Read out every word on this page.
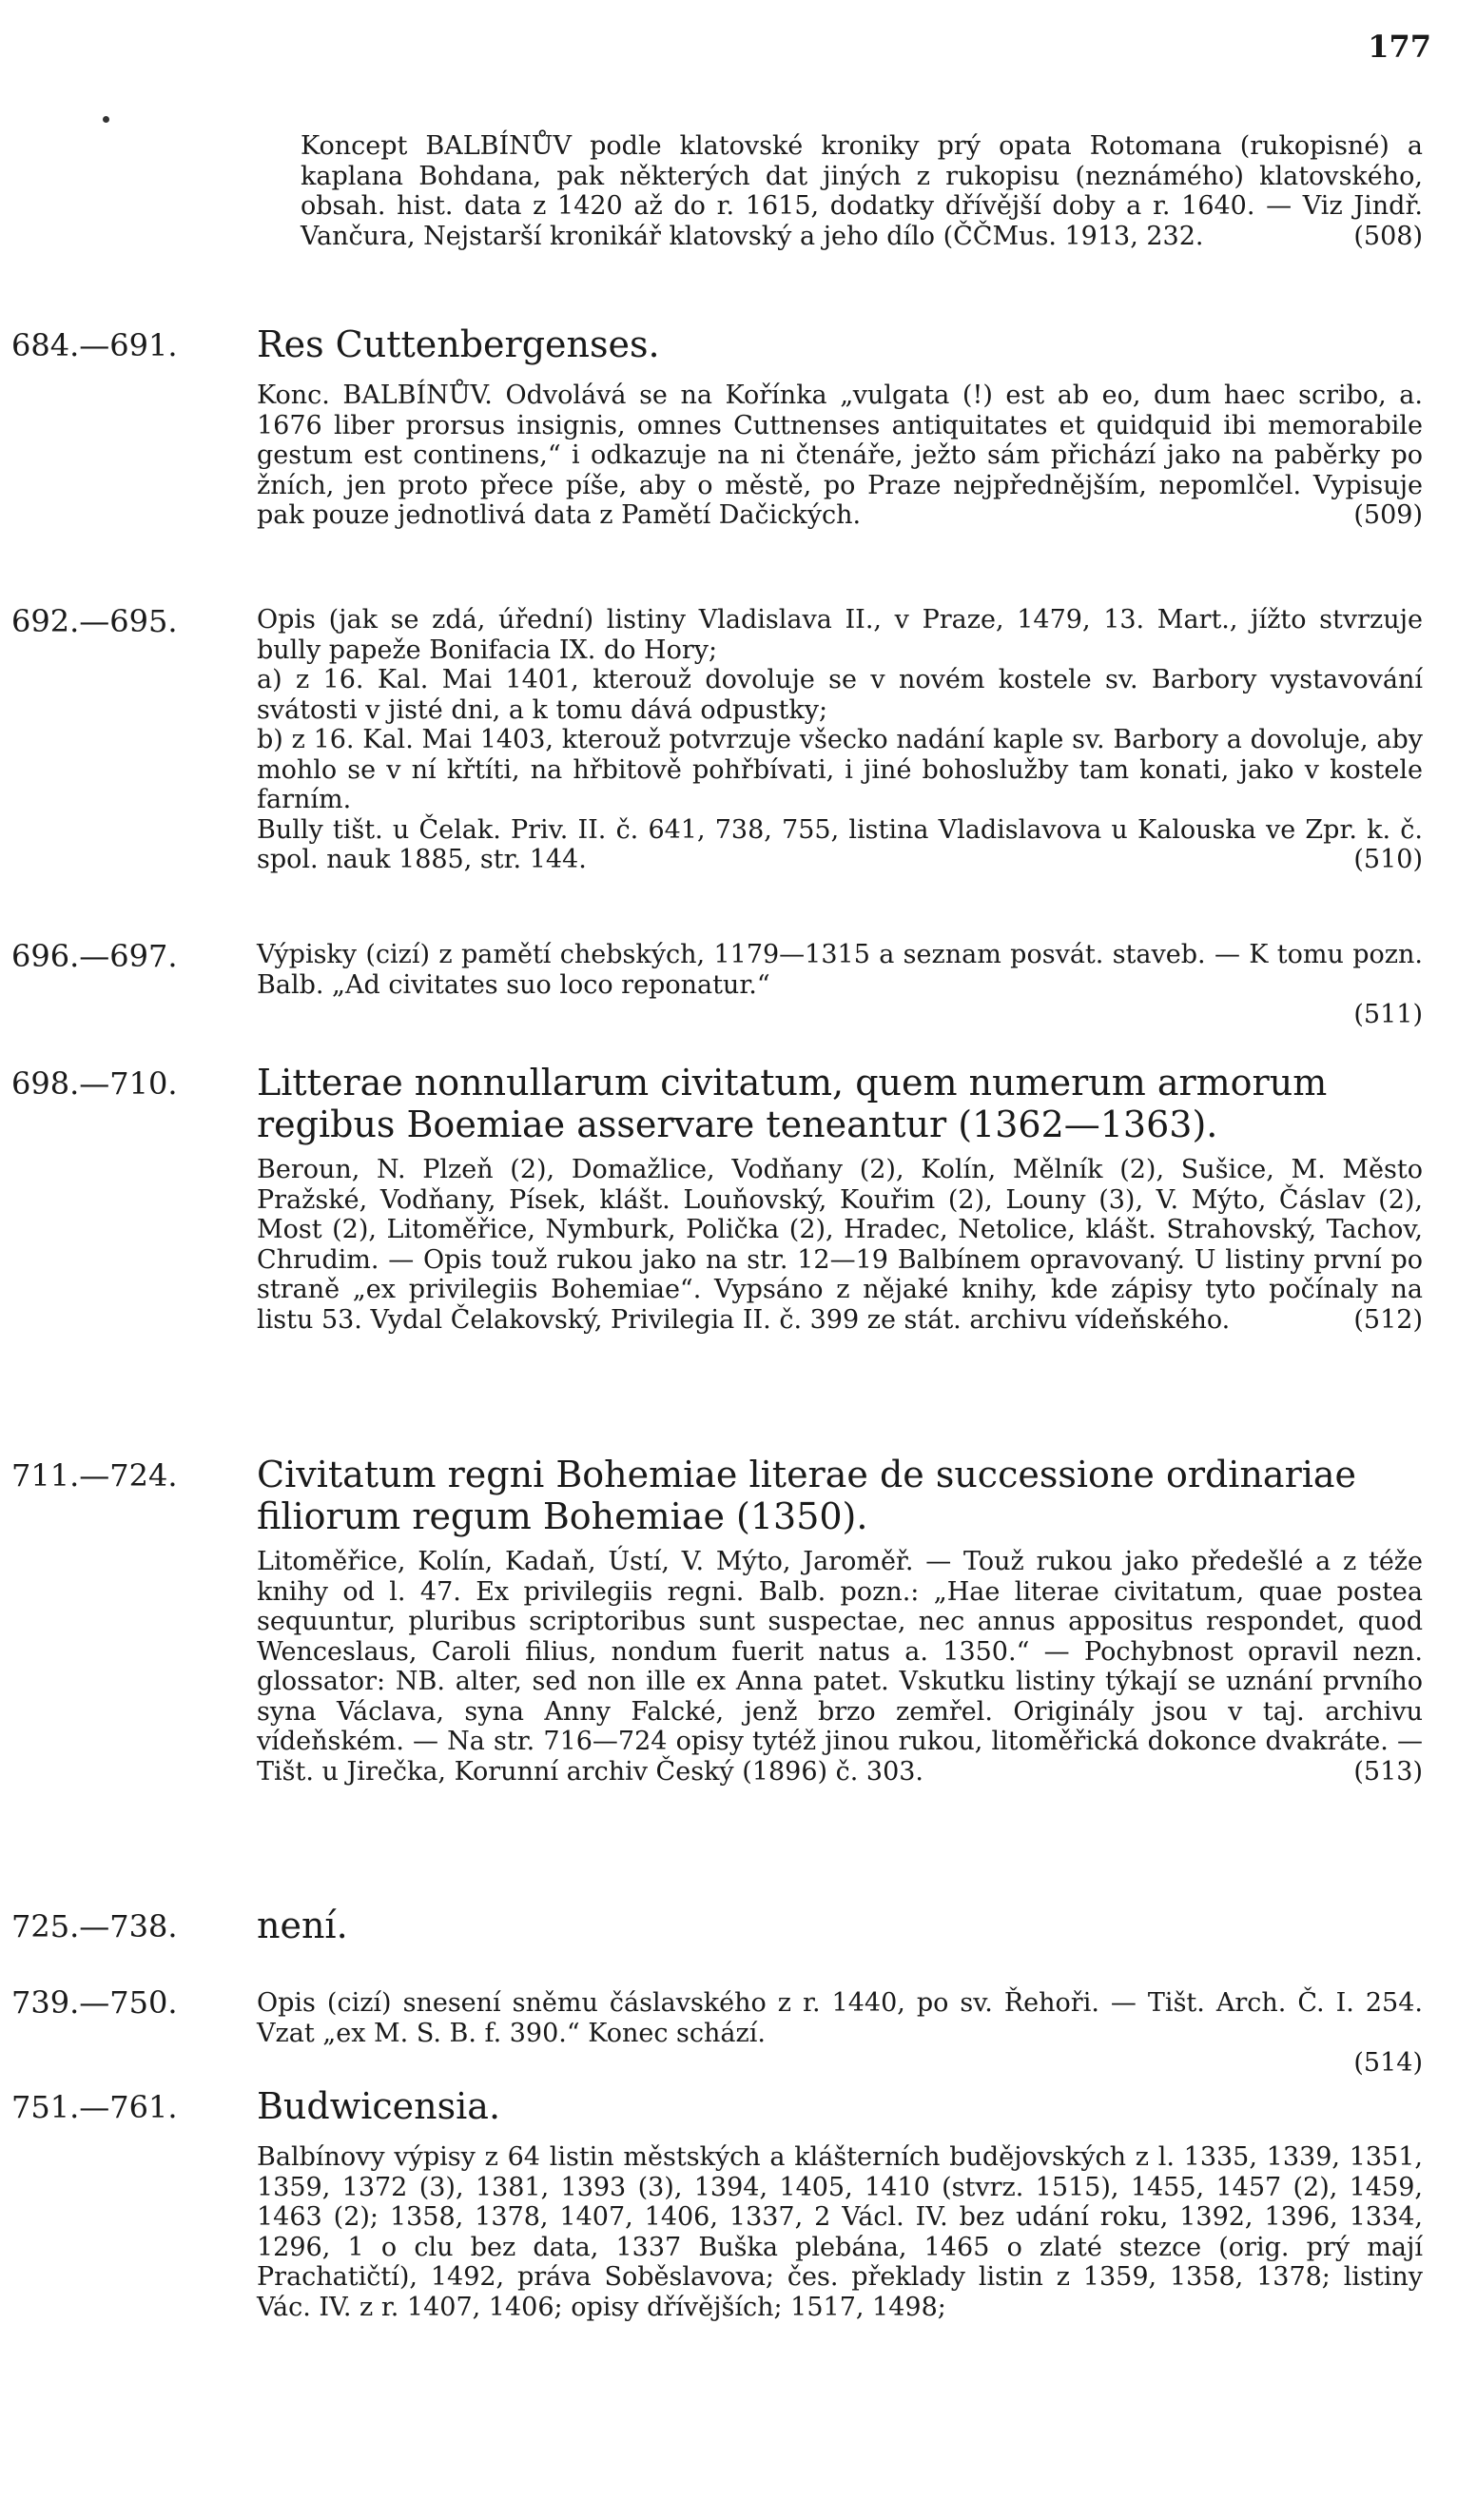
177

Koncept BALBÍNŮV podle klatovské kroniky prý opata Rotomana (rukopisné) a kaplana Bohdana, pak některých dat jiných z rukopisu (neznámého) klatovského, obsah. hist. data z 1420 až do r. 1615, dodatky dřívější doby a r. 1640. — Viz Jindř. Vančura, Nejstarší kronikář klatovský a jeho dílo (ČČMus. 1913, 232.	(508)

684.—691. Res Cuttenbergenses.

Konc. BALBÍNŮV. Odvolává se na Kořínka „vulgata (!) est ab eo, dum haec scribo, a. 1676 liber prorsus insignis, omnes Cuttnenses antiquitates et quidquid ibi memorabile gestum est continens,“ i odkazuje na ni čtenáře, ježto sám přichází jako na paběrky po žních, jen proto přece píše, aby o městě, po Praze nejpřednějším, nepomlčel. Vypisuje pak pouze jednotlivá data z Pamětí Dačických.	(509)

692.—695.	Opis (jak se zdá, úřední) listiny Vladislava II., v Praze, 1479, 13. Mart., jížto stvrzuje bully papeže Bonifacia IX. do Hory;

a) z 16. Kal. Mai 1401, kterouž dovoluje se v novém kostele sv. Barbory vystavování svátosti v jisté dni, a k tomu dává odpustky;

b) z 16. Kal. Mai 1403, kterouž potvrzuje všecko nadání kaple sv. Barbory a dovoluje, aby mohlo se v ní křtíti, na hřbitově pohřbívati, i jiné bohoslužby tam konati, jako v kostele farním.

Bully tišt. u Čelak. Priv. II. č. 641, 738, 755, listina Vladislavova u Kalouska ve Zpr. k. č. spol. nauk 1885, str. 144.	(510)

696.—697.	Výpisky (cizí) z pamětí chebských, 1179—1315 a seznam posvát. staveb. — K tomu pozn. Balb. „Ad civitates suo loco reponatur.“

(511)
698.—710. Litterae nonnullarum civitatum, quem numerum armorum regibus Boemiae asservare teneantur (1362—1363).

Beroun, N. Plzeň (2), Domažlice, Vodňany (2), Kolín, Mělník (2), Sušice, M. Město Pražské, Vodňany, Písek, klášt. Louňovský, Kouřim (2), Louny (3), V. Mýto, Čáslav (2), Most (2), Litoměřice, Nymburk, Polička (2), Hradec, Netolice, klášt. Strahovský, Tachov, Chrudim. — Opis touž rukou jako na str. 12—19 Balbínem opravovaný. U listiny první po straně „ex privilegiis Bohemiae“. Vypsáno z nějaké knihy, kde zápisy tyto počínaly na listu 53. Vydal Čelakovský, Privilegia II. č. 399 ze stát. archivu vídeňského.	(512)

711.—724. Civitatum regni Bohemiae literae de successione ordinariae filiorum regum Bohemiae (1350).

Litoměřice, Kolín, Kadaň, Ústí, V. Mýto, Jaroměř. — Touž rukou jako předešlé a z téže knihy od l. 47. Ex privilegiis regni. Balb. pozn.: „Hae literae civitatum, quae postea sequuntur, pluribus scriptoribus sunt suspectae, nec annus appositus respondet, quod Wenceslaus, Caroli filius, nondum fuerit natus a. 1350.“ — Pochybnost opravil nezn. glossator: NB. alter, sed non ille ex Anna patet. Vskutku listiny týkají se uznání prvního syna Václava, syna Anny Falcké, jenž brzo zemřel. Originály jsou v taj. archivu vídeňském. — Na str. 716—724 opisy tytéž jinou rukou, litoměřická dokonce dvakráte. — Tišt. u Jirečka, Korunní archiv Český (1896) č. 303.	(513)

725.—738. není.
739.—750.	Opis (cizí) snesení sněmu čáslavského z r. 1440, po sv. Řehoři. — Tišt. Arch. Č. I. 254. Vzat „ex M. S. B. f. 390.“ Konec schází.

(514)
751.—761. Budwicensia.

Balbínovy výpisy z 64 listin městských a klášterních budějovských z l. 1335, 1339, 1351, 1359, 1372 (3), 1381, 1393 (3), 1394, 1405, 1410 (stvrz. 1515), 1455, 1457 (2), 1459, 1463 (2); 1358, 1378, 1407, 1406, 1337, 2 Václ. IV. bez udání roku, 1392, 1396, 1334, 1296, 1 o clu bez data, 1337 Buška plebána, 1465 o zlaté stezce (orig. prý mají Prachatičtí), 1492, práva Soběslavova; čes. překlady listin z 1359, 1358, 1378; listiny Vác. IV. z r. 1407, 1406; opisy dřívějších; 1517, 1498;
